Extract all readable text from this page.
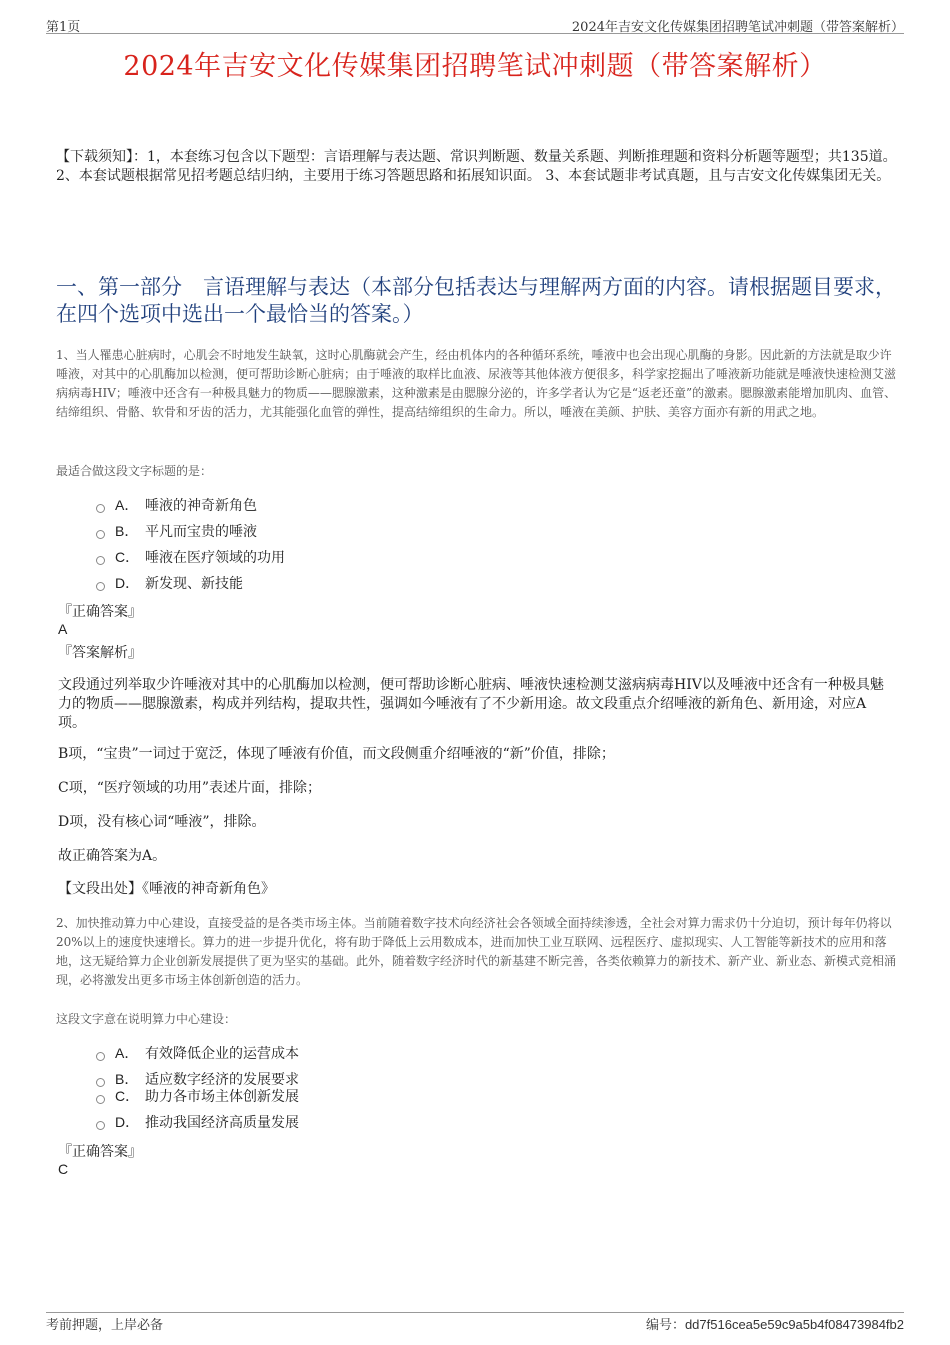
第1页	2024年吉安文化传媒集团招聘笔试冲刺题（带答案解析）
2024年吉安文化传媒集团招聘笔试冲刺题（带答案解析）
【下载须知】：1，本套练习包含以下题型：言语理解与表达题、常识判断题、数量关系题、判断推理题和资料分析题等题型；共135道。 2、本套试题根据常见招考题总结归纳，主要用于练习答题思路和拓展知识面。 3、本套试题非考试真题，且与吉安文化传媒集团无关。
一、第一部分　言语理解与表达（本部分包括表达与理解两方面的内容。请根据题目要求，在四个选项中选出一个最恰当的答案。）
1、当人罹患心脏病时，心肌会不时地发生缺氧，这时心肌酶就会产生，经由机体内的各种循环系统，唾液中也会出现心肌酶的身影。因此新的方法就是取少许唾液，对其中的心肌酶加以检测，便可帮助诊断心脏病；由于唾液的取样比血液、尿液等其他体液方便很多，科学家挖掘出了唾液新功能就是唾液快速检测艾滋病病毒HIV；唾液中还含有一种极具魅力的物质——腮腺激素，这种激素是由腮腺分泌的，许多学者认为它是“返老还童”的激素。腮腺激素能增加肌肉、血管、结缔组织、骨骼、软骨和牙齿的活力，尤其能强化血管的弹性，提高结缔组织的生命力。所以，唾液在美颜、护肤、美容方面亦有新的用武之地。
最适合做这段文字标题的是：
A． 唾液的神奇新角色
B． 平凡而宝贵的唾液
C． 唾液在医疗领域的功用
D． 新发现、新技能
『正确答案』
A
『答案解析』
文段通过列举取少许唾液对其中的心肌酶加以检测，便可帮助诊断心脏病、唾液快速检测艾滋病病毒HIV以及唾液中还含有一种极具魅力的物质——腮腺激素，构成并列结构，提取共性，强调如今唾液有了不少新用途。故文段重点介绍唾液的新角色、新用途，对应A项。
B项，“宝贵”一词过于宽泛，体现了唾液有价值，而文段侧重介绍唾液的“新”价值，排除；
C项，“医疗领域的功用”表述片面，排除；
D项，没有核心词“唾液”，排除。
故正确答案为A。
【文段出处】《唾液的神奇新角色》
2、加快推动算力中心建设，直接受益的是各类市场主体。当前随着数字技术向经济社会各领域全面持续渗透，全社会对算力需求仍十分迫切，预计每年仍将以20%以上的速度快速增长。算力的进一步提升优化，将有助于降低上云用数成本，进而加快工业互联网、远程医疗、虚拟现实、人工智能等新技术的应用和落地，这无疑给算力企业创新发展提供了更为坚实的基础。此外，随着数字经济时代的新基建不断完善，各类依赖算力的新技术、新产业、新业态、新模式竞相涌现，必将激发出更多市场主体创新创造的活力。
这段文字意在说明算力中心建设：
A． 有效降低企业的运营成本
B． 适应数字经济的发展要求
C． 助力各市场主体创新发展
D． 推动我国经济高质量发展
『正确答案』
C
考前押题，上岸必备	编号：dd7f516cea5e59c9a5b4f08473984fb2
